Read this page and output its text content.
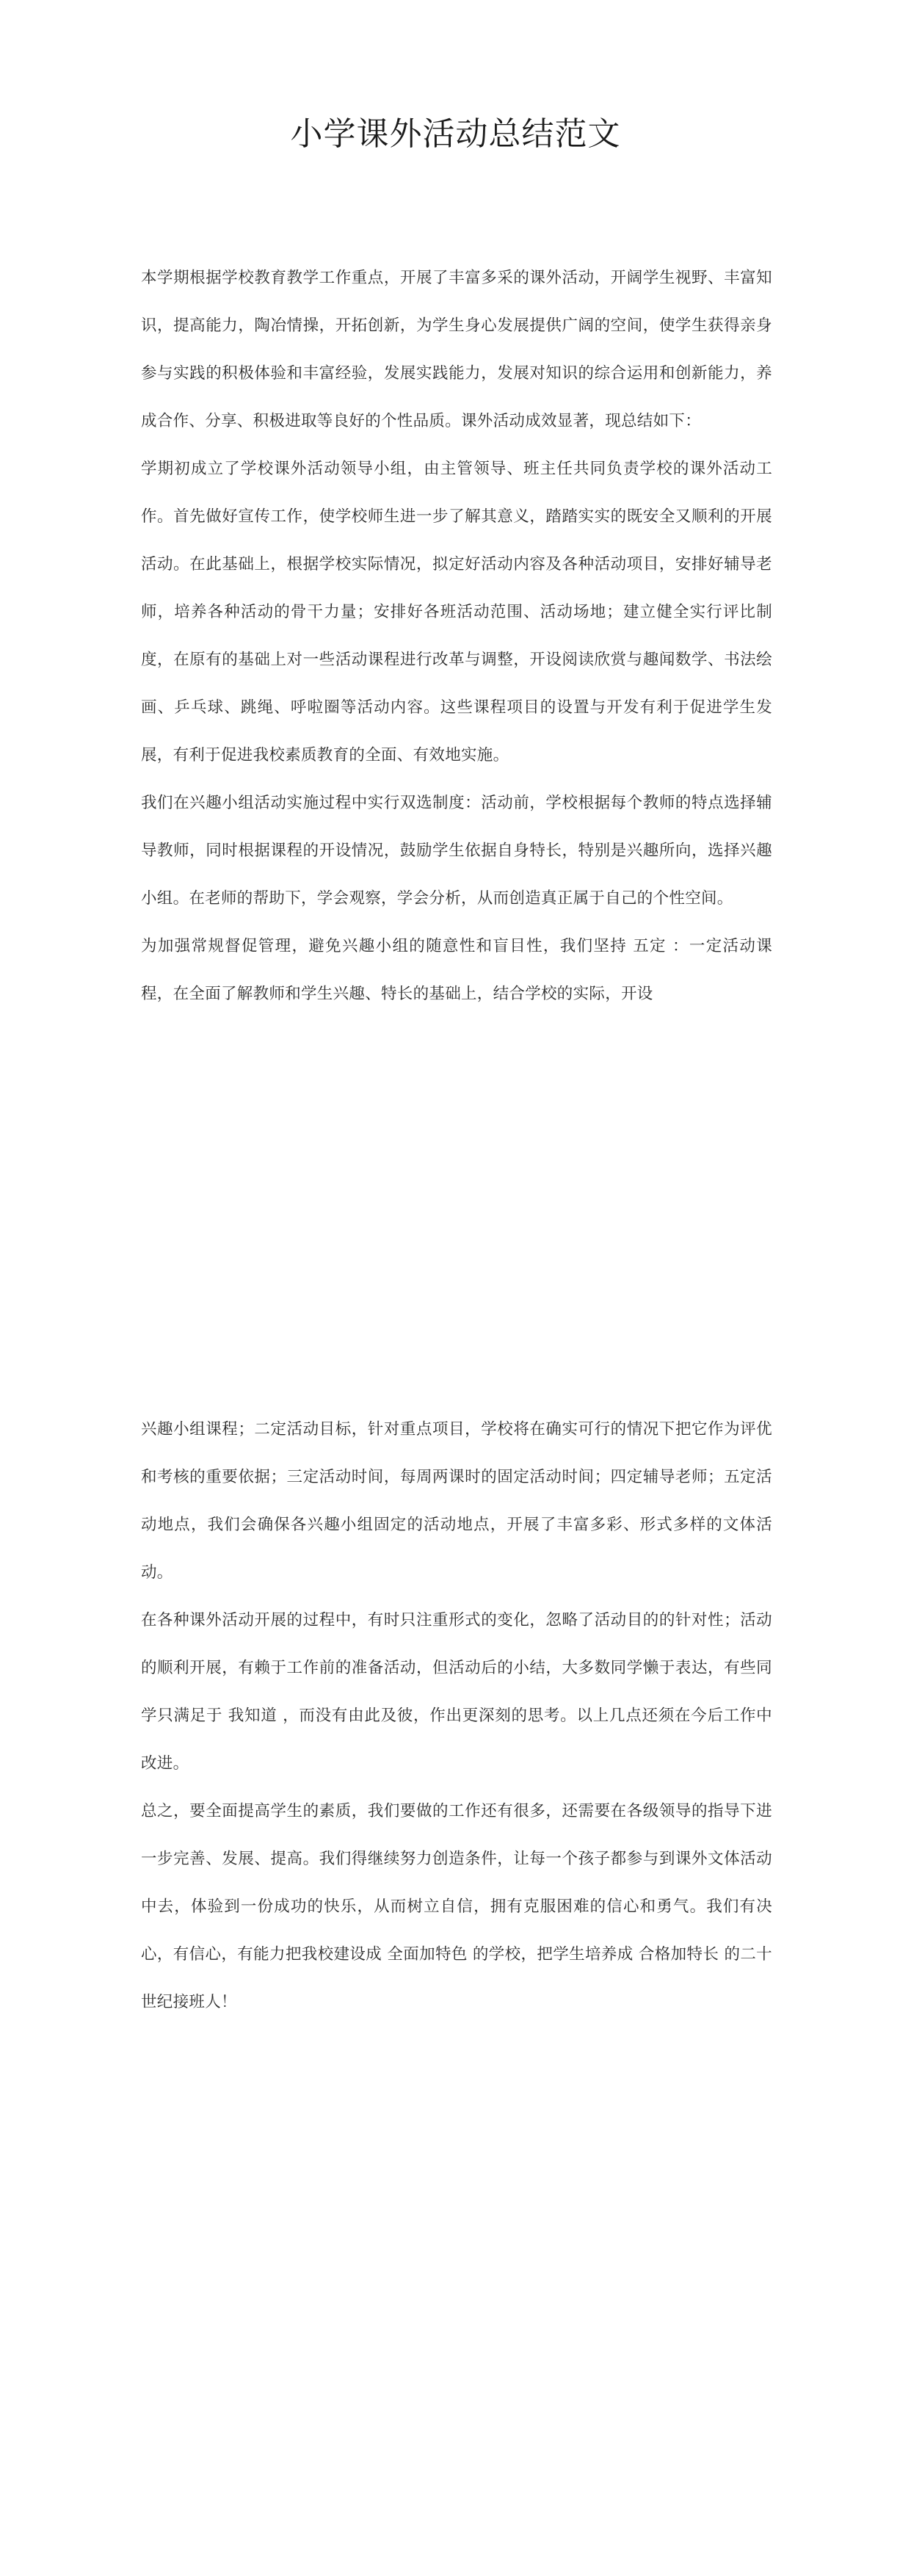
小学课外活动总结范文

本学期根据学校教育教学工作重点，开展了丰富多采的课外活动，开阔学生视野、丰富知识，提高能力，陶冶情操，开拓创新，为学生身心发展提供广阔的空间，使学生获得亲身参与实践的积极体验和丰富经验，发展实践能力，发展对知识的综合运用和创新能力，养成合作、分享、积极进取等良好的个性品质。课外活动成效显著，现总结如下：

学期初成立了学校课外活动领导小组，由主管领导、班主任共同负责学校的课外活动工作。首先做好宣传工作，使学校师生进一步了解其意义，踏踏实实的既安全又顺利的开展活动。在此基础上，根据学校实际情况，拟定好活动内容及各种活动项目，安排好辅导老师，培养各种活动的骨干力量；安排好各班活动范围、活动场地；建立健全实行评比制度，在原有的基础上对一些活动课程进行改革与调整，开设阅读欣赏与趣闻数学、书法绘画、乒乓球、跳绳、呼啦圈等活动内容。这些课程项目的设置与开发有利于促进学生发展，有利于促进我校素质教育的全面、有效地实施。

我们在兴趣小组活动实施过程中实行双选制度：活动前，学校根据每个教师的特点选择辅导教师，同时根据课程的开设情况，鼓励学生依据自身特长，特别是兴趣所向，选择兴趣小组。在老师的帮助下，学会观察，学会分析，从而创造真正属于自己的个性空间。

为加强常规督促管理，避免兴趣小组的随意性和盲目性，我们坚持 五定 ：一定活动课程，在全面了解教师和学生兴趣、特长的基础上，结合学校的实际，开设

兴趣小组课程；二定活动目标，针对重点项目，学校将在确实可行的情况下把它作为评优和考核的重要依据；三定活动时间，每周两课时的固定活动时间；四定辅导老师；五定活动地点，我们会确保各兴趣小组固定的活动地点，开展了丰富多彩、形式多样的文体活动。

在各种课外活动开展的过程中，有时只注重形式的变化，忽略了活动目的的针对性；活动的顺利开展，有赖于工作前的准备活动，但活动后的小结，大多数同学懒于表达，有些同学只满足于 我知道 ，而没有由此及彼，作出更深刻的思考。以上几点还须在今后工作中改进。

总之，要全面提高学生的素质，我们要做的工作还有很多，还需要在各级领导的指导下进一步完善、发展、提高。我们得继续努力创造条件，让每一个孩子都参与到课外文体活动中去，体验到一份成功的快乐，从而树立自信，拥有克服困难的信心和勇气。我们有决心，有信心，有能力把我校建设成 全面加特色 的学校，把学生培养成 合格加特长 的二十世纪接班人！
